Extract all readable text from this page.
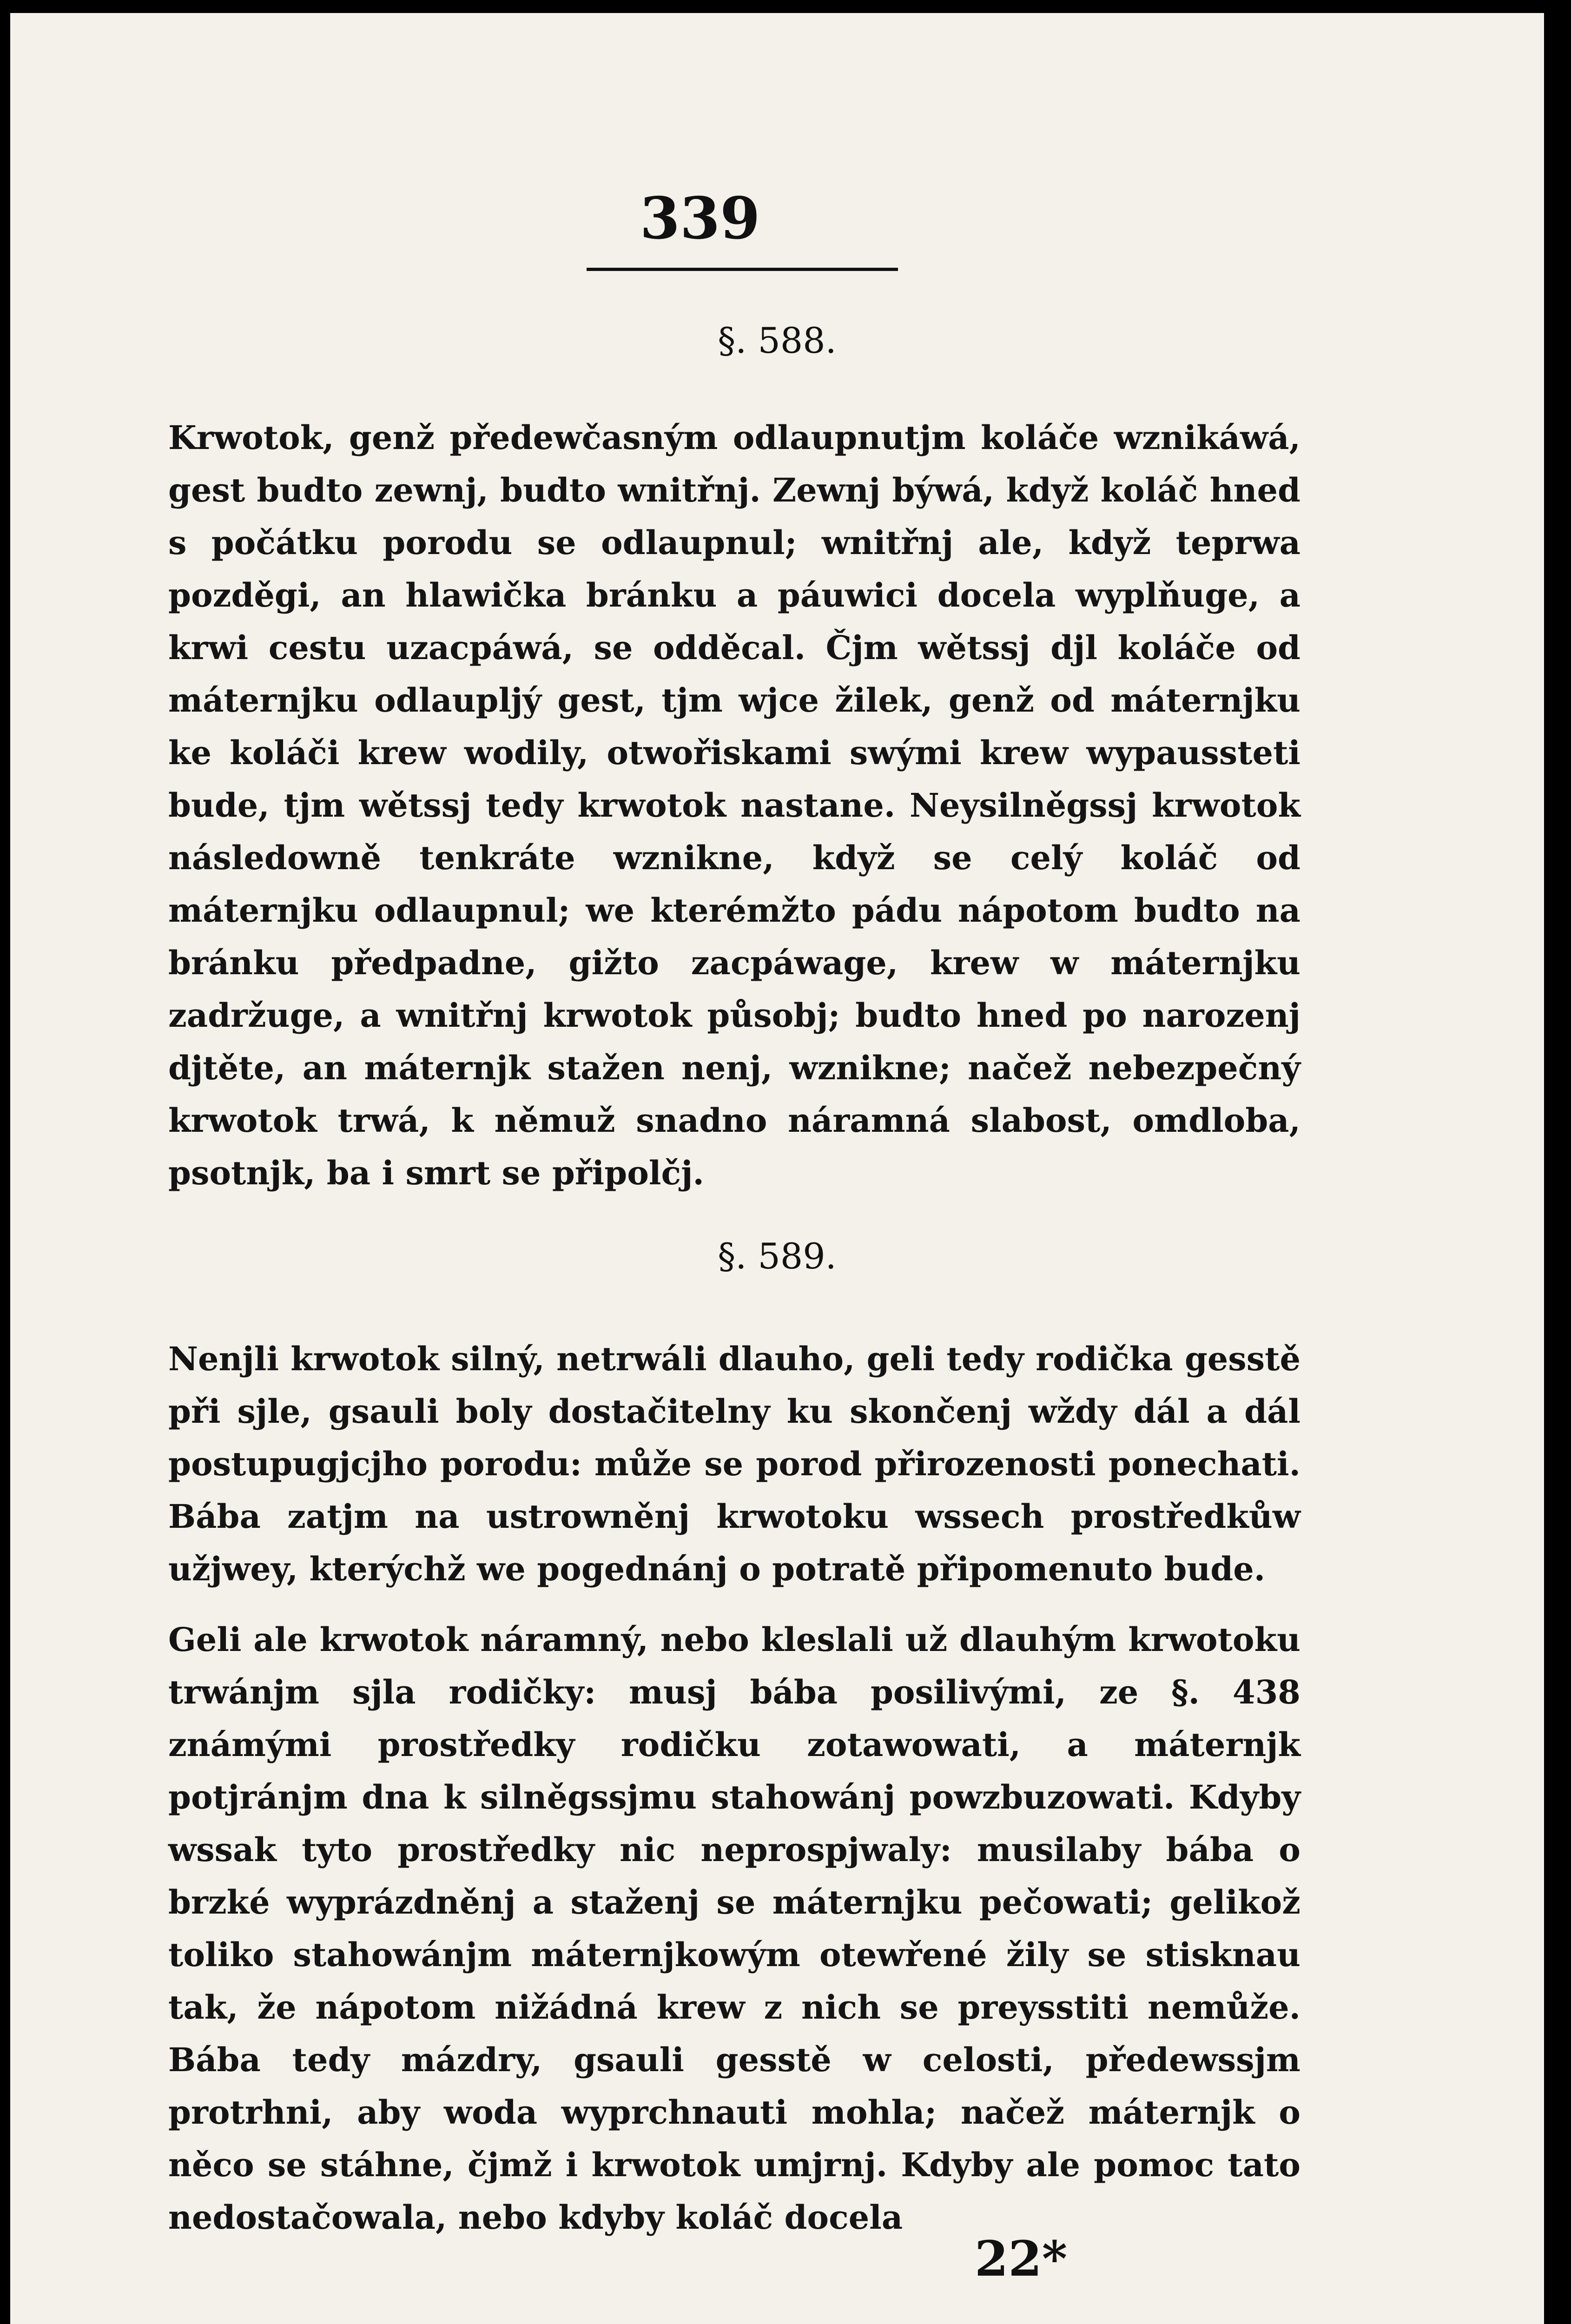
339
§. 588.

Krwotok, genž předewčasným odlaupnutjm koláče wznikáwá, gest budto zewnj, budto wnitřnj. Zewnj býwá, když koláč hned s počátku porodu se odlaupnul; wnitřnj ale, když teprwa pozděgi, an hlawička bránku a páuwici docela wyplňuge, a krwi cestu uzacpáwá, se odděcal. Čjm wětssj djl koláče od máternjku odlaupljý gest, tjm wjce žilek, genž od máternjku ke koláči krew wodily, otwořiskami swými krew wypaussteti bude, tjm wětssj tedy krwotok nastane. Neysilněgssj krwotok následowně tenkráte wznikne, když se celý koláč od máternjku odlaupnul; we kterémžto pádu nápotom budto na bránku předpadne, gižto zacpáwage, krew w máternjku zadržuge, a wnitřnj krwotok působj; budto hned po narozenj djtěte, an máternjk stažen nenj, wznikne; načež nebezpečný krwotok trwá, k němuž snadno náramná slabost, omdloba, psotnjk, ba i smrt se připolčj.

§. 589.

Nenjli krwotok silný, netrwáli dlauho, geli tedy rodička gesstě při sjle, gsauli boly dostačitelny ku skončenj wždy dál a dál postupugjcjho porodu: může se porod přirozenosti ponechati. Bába zatjm na ustrowněnj krwotoku wssech prostředkůw užjwey, kterýchž we pogednánj o potratě připomenuto bude.

Geli ale krwotok náramný, nebo kleslali už dlauhým krwotoku trwánjm sjla rodičky: musj bába posilivými, ze §. 438 známými prostředky rodičku zotawowati, a máternjk potjránjm dna k silněgssjmu stahowánj powzbuzowati. Kdyby wssak tyto prostředky nic neprospjwaly: musilaby bába o brzké wyprázdněnj a staženj se máternjku pečowati; gelikož toliko stahowánjm máternjkowým otewřené žily se stisknau tak, že nápotom nižádná krew z nich se preysstiti nemůže. Bába tedy mázdry, gsauli gesstě w celosti, předewssjm protrhni, aby woda wyprchnauti mohla; načež máternjk o něco se stáhne, čjmž i krwotok umjrnj. Kdyby ale pomoc tato nedostačowala, nebo kdyby koláč docela

22*
